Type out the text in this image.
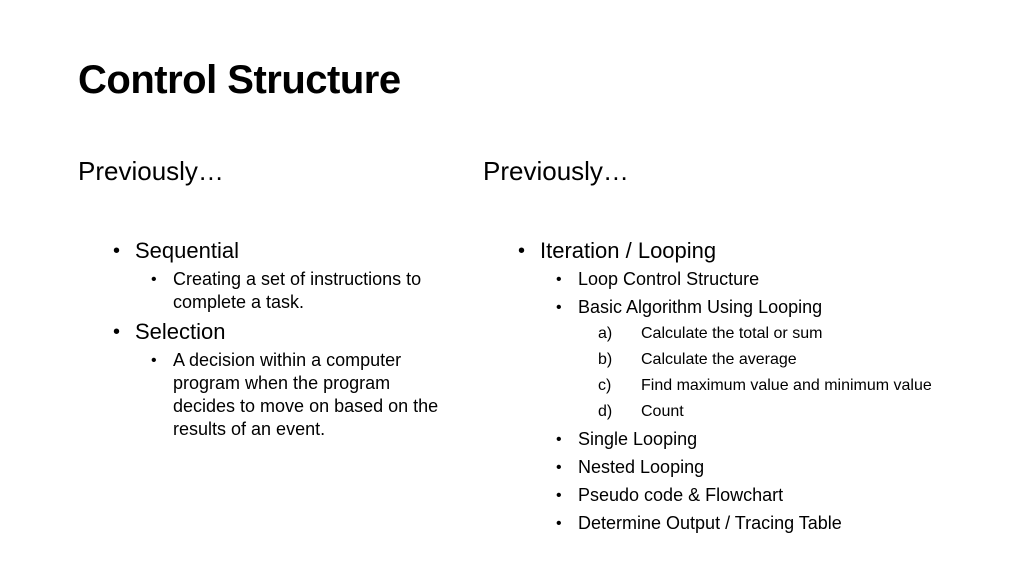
Control Structure
Previously…	Previously…
• Sequential
• Creating a set of instructions to complete a task.
• Selection
• A decision within a computer program when the program decides to move on based on the results of an event.
• Iteration / Looping
• Loop Control Structure
• Basic Algorithm Using Looping
a) Calculate the total or sum
b) Calculate the average
c) Find maximum value and minimum value
d) Count
• Single Looping
• Nested Looping
• Pseudo code & Flowchart
• Determine Output / Tracing Table
